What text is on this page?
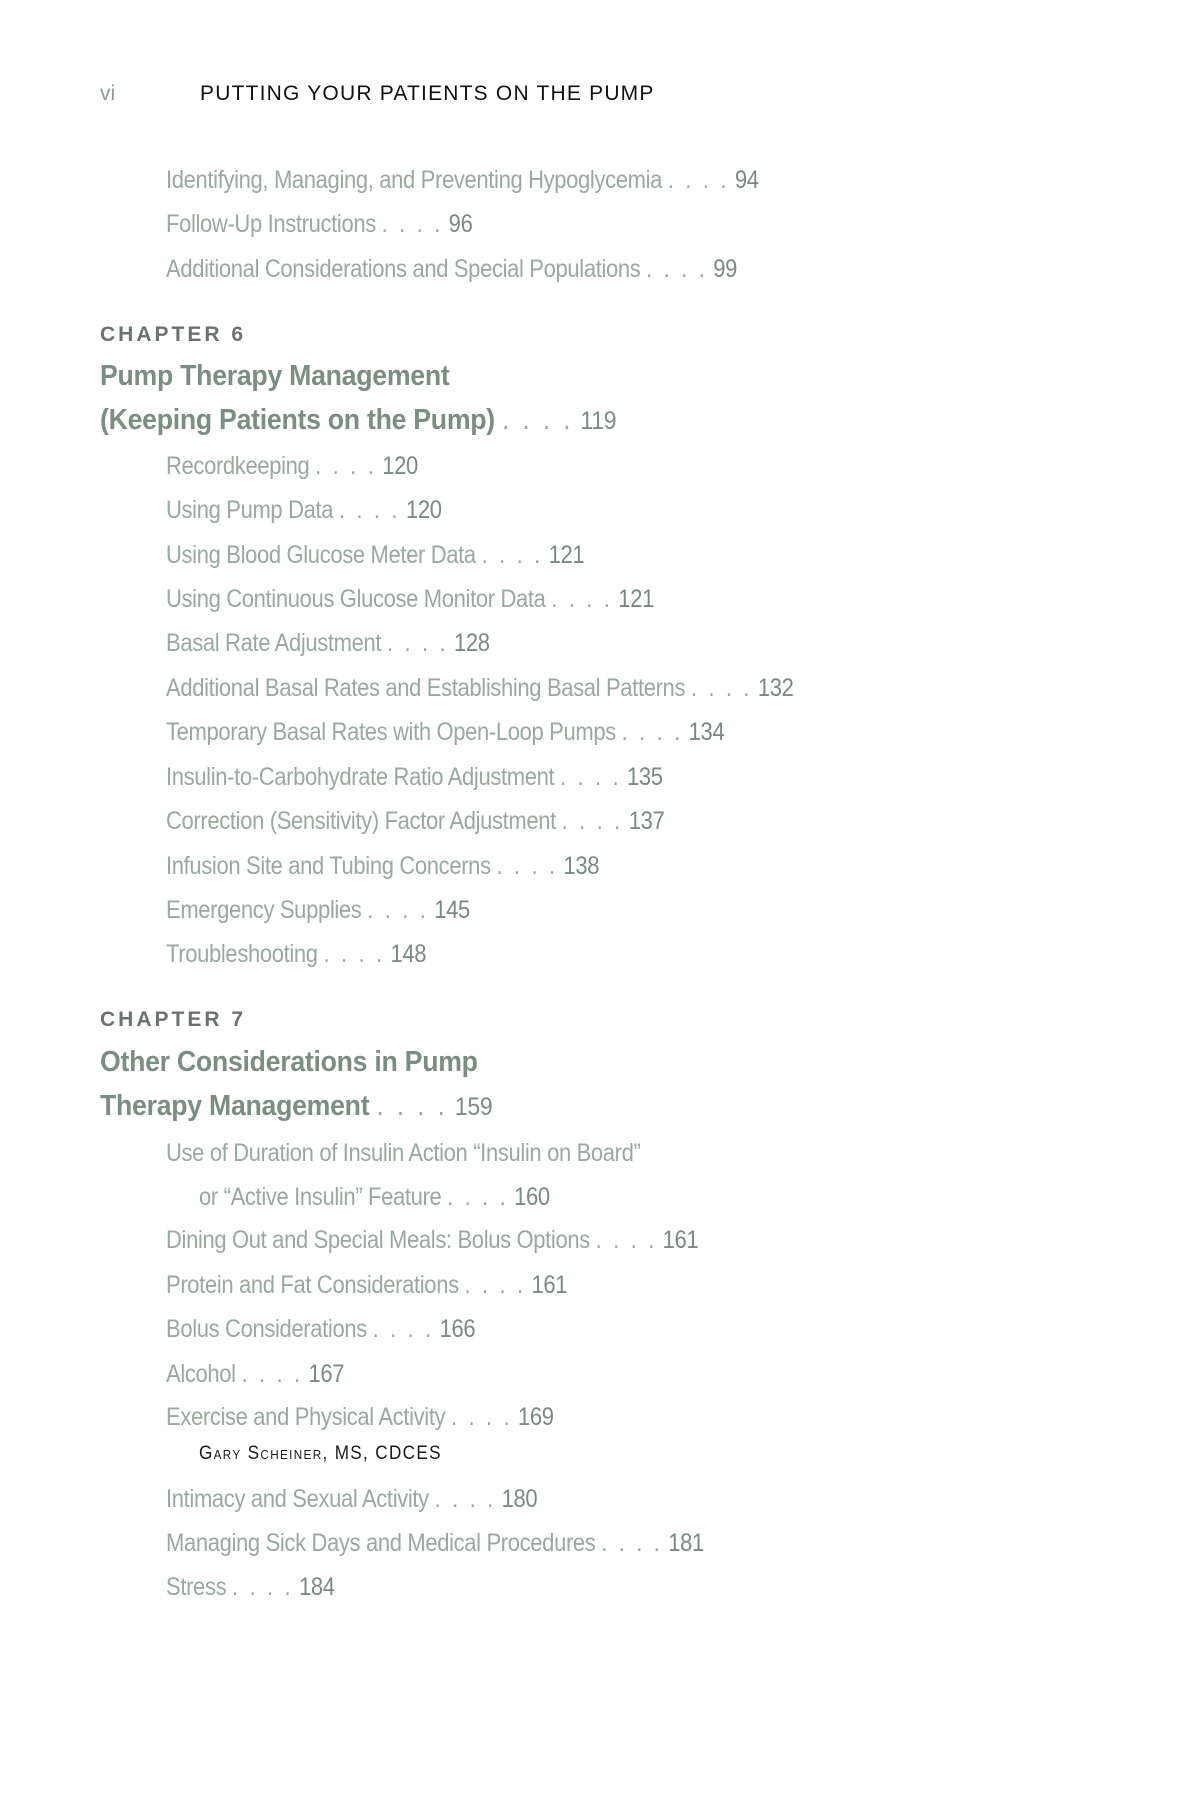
vi	PUTTING YOUR PATIENTS ON THE PUMP
Identifying, Managing, and Preventing Hypoglycemia . . . . 94
Follow-Up Instructions . . . . 96
Additional Considerations and Special Populations . . . . 99
CHAPTER 6
Pump Therapy Management
(Keeping Patients on the Pump) . . . . 119
Recordkeeping . . . . 120
Using Pump Data . . . . 120
Using Blood Glucose Meter Data . . . . 121
Using Continuous Glucose Monitor Data . . . . 121
Basal Rate Adjustment . . . . 128
Additional Basal Rates and Establishing Basal Patterns . . . . 132
Temporary Basal Rates with Open-Loop Pumps . . . . 134
Insulin-to-Carbohydrate Ratio Adjustment . . . . 135
Correction (Sensitivity) Factor Adjustment . . . . 137
Infusion Site and Tubing Concerns . . . . 138
Emergency Supplies . . . . 145
Troubleshooting . . . . 148
CHAPTER 7
Other Considerations in Pump
Therapy Management . . . . 159
Use of Duration of Insulin Action “Insulin on Board”
or “Active Insulin” Feature . . . . 160
Dining Out and Special Meals: Bolus Options . . . . 161
Protein and Fat Considerations . . . . 161
Bolus Considerations . . . . 166
Alcohol . . . . 167
Exercise and Physical Activity . . . . 169
Gary Scheiner, MS, CDCES
Intimacy and Sexual Activity . . . . 180
Managing Sick Days and Medical Procedures . . . . 181
Stress . . . . 184
